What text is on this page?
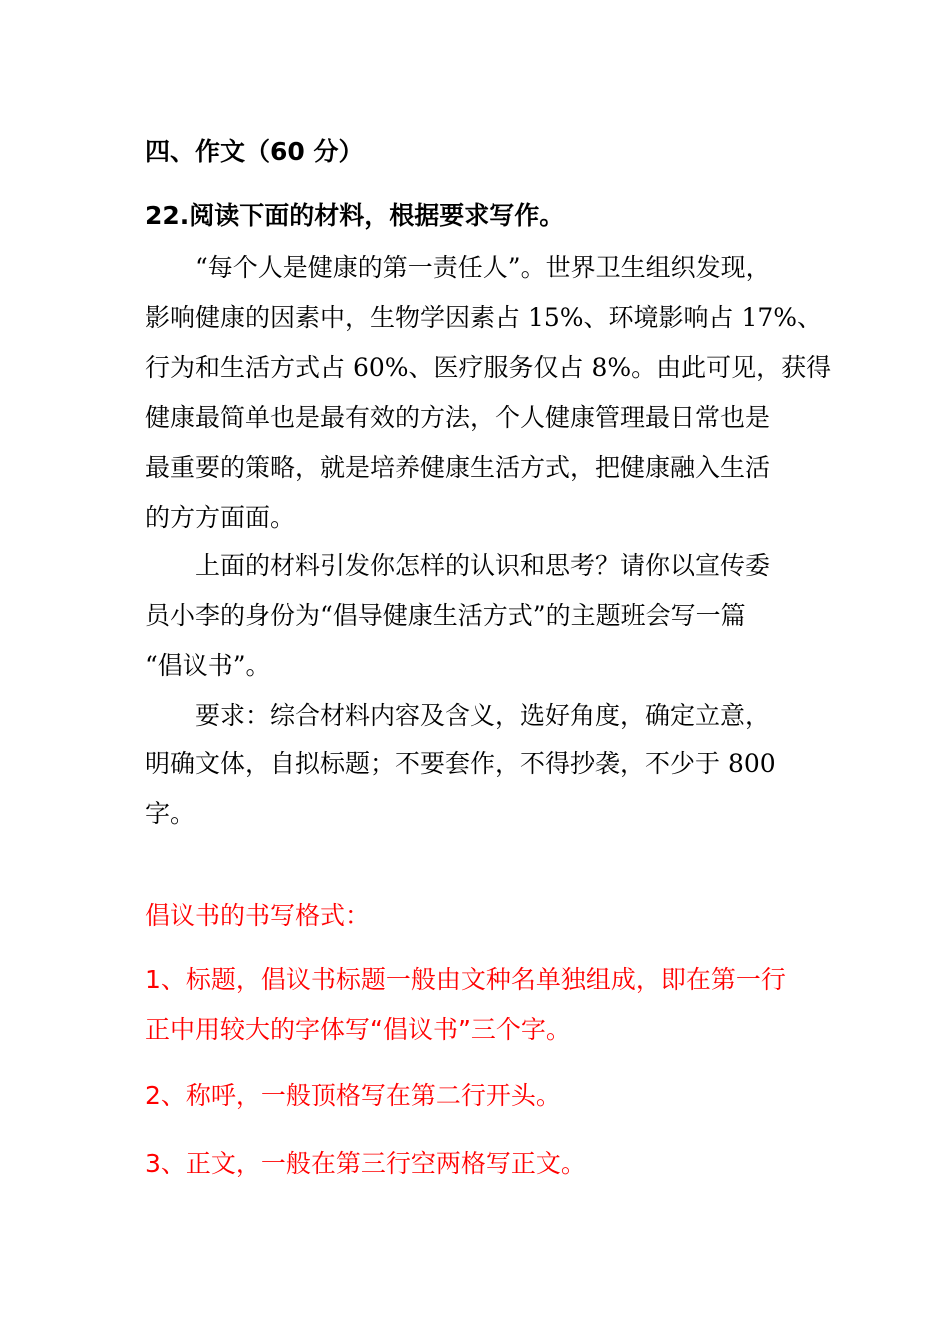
四、作文（60 分）
22.阅读下面的材料，根据要求写作。
“每个人是健康的第一责任人”。世界卫生组织发现，
影响健康的因素中，生物学因素占 15%、环境影响占 17%、
行为和生活方式占 60%、医疗服务仅占 8%。由此可见，获得
健康最简单也是最有效的方法，个人健康管理最日常也是
最重要的策略，就是培养健康生活方式，把健康融入生活
的方方面面。
上面的材料引发你怎样的认识和思考？请你以宣传委
员小李的身份为“倡导健康生活方式”的主题班会写一篇
“倡议书”。
要求：综合材料内容及含义，选好角度，确定立意，
明确文体，自拟标题；不要套作，不得抄袭，不少于 800
字。
倡议书的书写格式：
1、标题，倡议书标题一般由文种名单独组成，即在第一行
正中用较大的字体写“倡议书”三个字。
2、称呼，一般顶格写在第二行开头。
3、正文，一般在第三行空两格写正文。
